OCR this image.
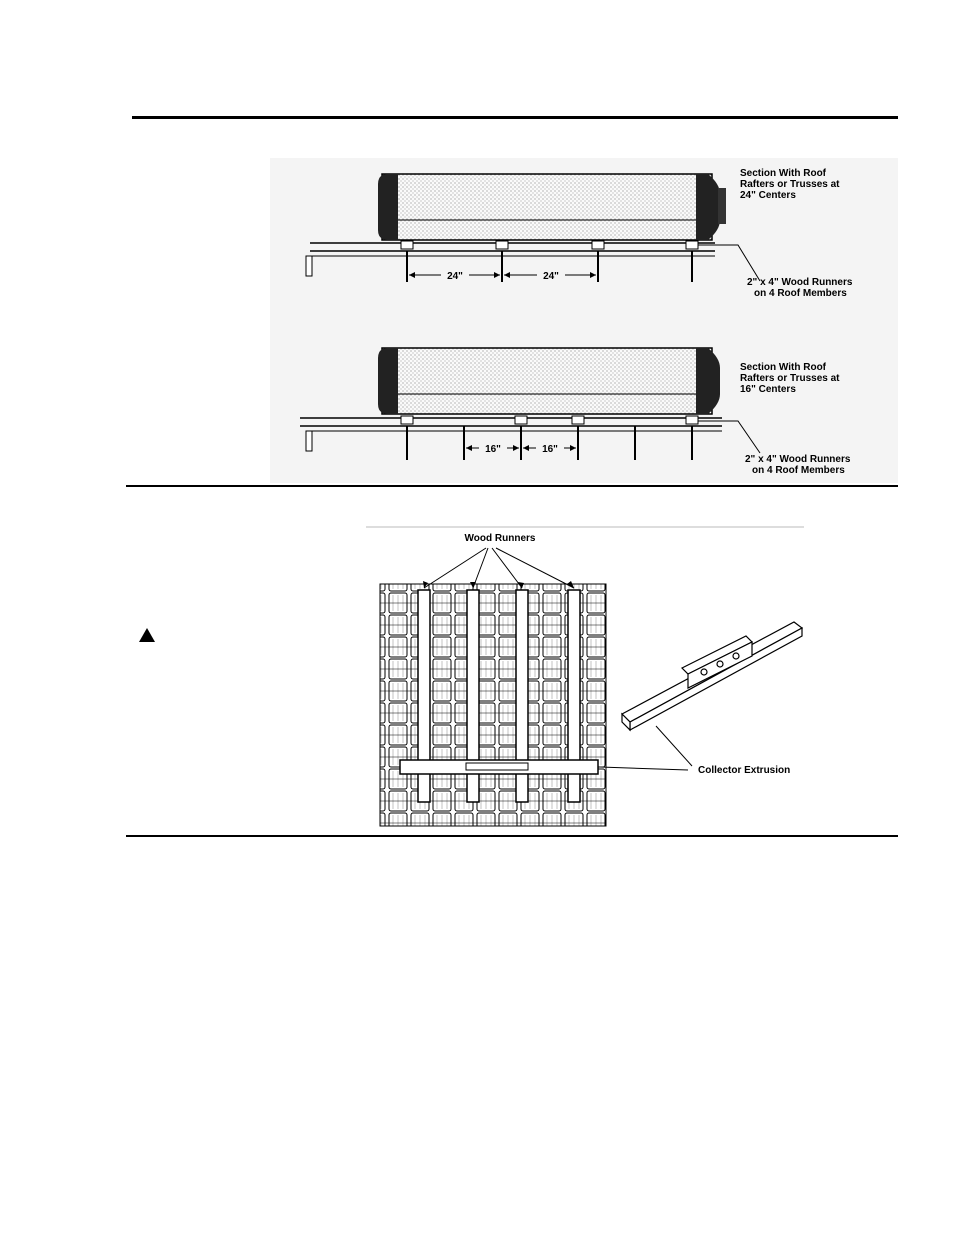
24"	24"
Section With Roof
Rafters or Trusses at
24" Centers
2" x 4" Wood Runners
on 4 Roof Members
16"	16"
Section With Roof
Rafters or Trusses at
16" Centers
2" x 4" Wood Runners
on 4 Roof Members
Wood Runners
Collector Extrusion
